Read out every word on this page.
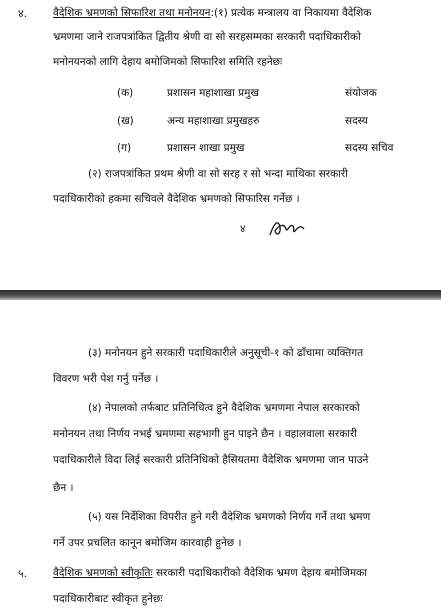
४. वैदेशिक भ्रमणको सिफारिश तथा मनोनयन:(१) प्रत्येक मन्त्रालय वा निकायमा वैदेशिक
भ्रमणमा जाने राजपत्रांकित द्वितीय श्रेणी वा सो सरहसम्मका सरकारी पदाधिकारीको
मनोनयनको लागि देहाय बमोजिमको सिफारिश समिति रहनेछः
(क)	प्रशासन महाशाखा प्रमुख	संयोजक
(ख)	अन्य महाशाखा प्रमुखहरु	सदस्य
(ग)	प्रशासन शाखा प्रमुख	सदस्य सचिव
(२) राजपत्रांकित प्रथम श्रेणी वा सो सरह र सो भन्दा माथिका सरकारी
पदाधिकारीको हकमा सचिवले वैदेशिक भ्रमणको सिफारिस गर्नेछ ।
४
(३) मनोनयन हुने सरकारी पदाधिकारीले अनुसूची-१ को ढाँचामा व्यक्तिगत
विवरण भरी पेश गर्नु पर्नेछ ।
(४) नेपालको तर्फबाट प्रतिनिधित्व हुने वैदेशिक भ्रमणमा नेपाल सरकारको
मनोनयन तथा निर्णय नभई भ्रमणमा सहभागी हुन पाइने छैन । वहालवाला सरकारी
पदाधिकारीले विदा लिई सरकारी प्रतिनिधिको हैसियतमा वैदेशिक भ्रमणमा जान पाउने
छैन ।
(५) यस निर्देशिका विपरीत हुने गरी वैदेशिक भ्रमणको निर्णय गर्ने तथा भ्रमण
गर्ने उपर प्रचलित कानून बमोजिम कारवाही हुनेछ ।
५. वैदेशिक भ्रमणको स्वीकृतिः सरकारी पदाधिकारीको वैदेशिक भ्रमण देहाय बमोजिमका
पदाधिकारीबाट स्वीकृत हुनेछः
